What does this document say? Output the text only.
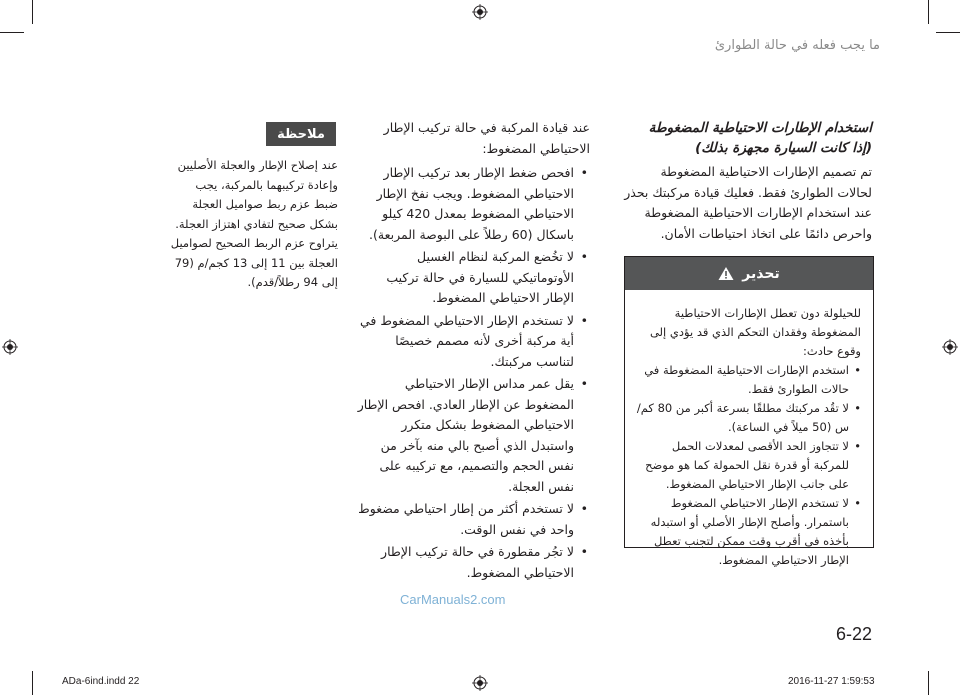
ما يجب فعله في حالة الطوارئ

استخدام الإطارات الاحتياطية المضغوطة

(إذا كانت السيارة مجهزة بذلك)

تم تصميم الإطارات الاحتياطية المضغوطة لحالات الطوارئ فقط. فعليك قيادة مركبتك بحذر عند استخدام الإطارات الاحتياطية المضغوطة واحرص دائمًا على اتخاذ احتياطات الأمان.

تحذير
للحيلولة دون تعطل الإطارات الاحتياطية المضغوطة وفقدان التحكم الذي قد يؤدي إلى وقوع حادث:
• استخدم الإطارات الاحتياطية المضغوطة في حالات الطوارئ فقط.
• لا تقُد مركبتك مطلقًا بسرعة أكبر من 80 كم/س (50 ميلاً في الساعة).
• لا تتجاوز الحد الأقصى لمعدلات الحمل للمركبة أو قدرة نقل الحمولة كما هو موضح على جانب الإطار الاحتياطي المضغوط.
• لا تستخدم الإطار الاحتياطي المضغوط باستمرار. وأصلح الإطار الأصلي أو استبدله بأخذه في أقرب وقت ممكن لتجنب تعطل الإطار الاحتياطي المضغوط.
عند قيادة المركبة في حالة تركيب الإطار الاحتياطي المضغوط:
• افحص ضغط الإطار بعد تركيب الإطار الاحتياطي المضغوط. ويجب نفخ الإطار الاحتياطي المضغوط بمعدل 420 كيلو باسكال (60 رطلاً على البوصة المربعة).
• لا تخُضع المركبة لنظام الغسيل الأوتوماتيكي للسيارة في حالة تركيب الإطار الاحتياطي المضغوط.
• لا تستخدم الإطار الاحتياطي المضغوط في أية مركبة أخرى لأنه مصمم خصيصًا لتناسب مركبتك.
• يقل عمر مداس الإطار الاحتياطي المضغوط عن الإطار العادي. افحص الإطار الاحتياطي المضغوط بشكل متكرر واستبدل الذي أصبح بالي منه بآخر من نفس الحجم والتصميم، مع تركيبه على نفس العجلة.
• لا تستخدم أكثر من إطار احتياطي مضغوط واحد في نفس الوقت.
• لا تجُر مقطورة في حالة تركيب الإطار الاحتياطي المضغوط.
ملاحظة
عند إصلاح الإطار والعجلة الأصليين وإعادة تركيبهما بالمركبة، يجب ضبط عزم ربط صواميل العجلة بشكل صحيح لتفادي اهتزاز العجلة. يتراوح عزم الربط الصحيح لصواميل العجلة بين 11 إلى 13 كجم/م (79 إلى 94 رطلاً/قدم).
CarManuals2.com
6-22
ADa-6ind.indd 22	2016-11-27 1:59:53
